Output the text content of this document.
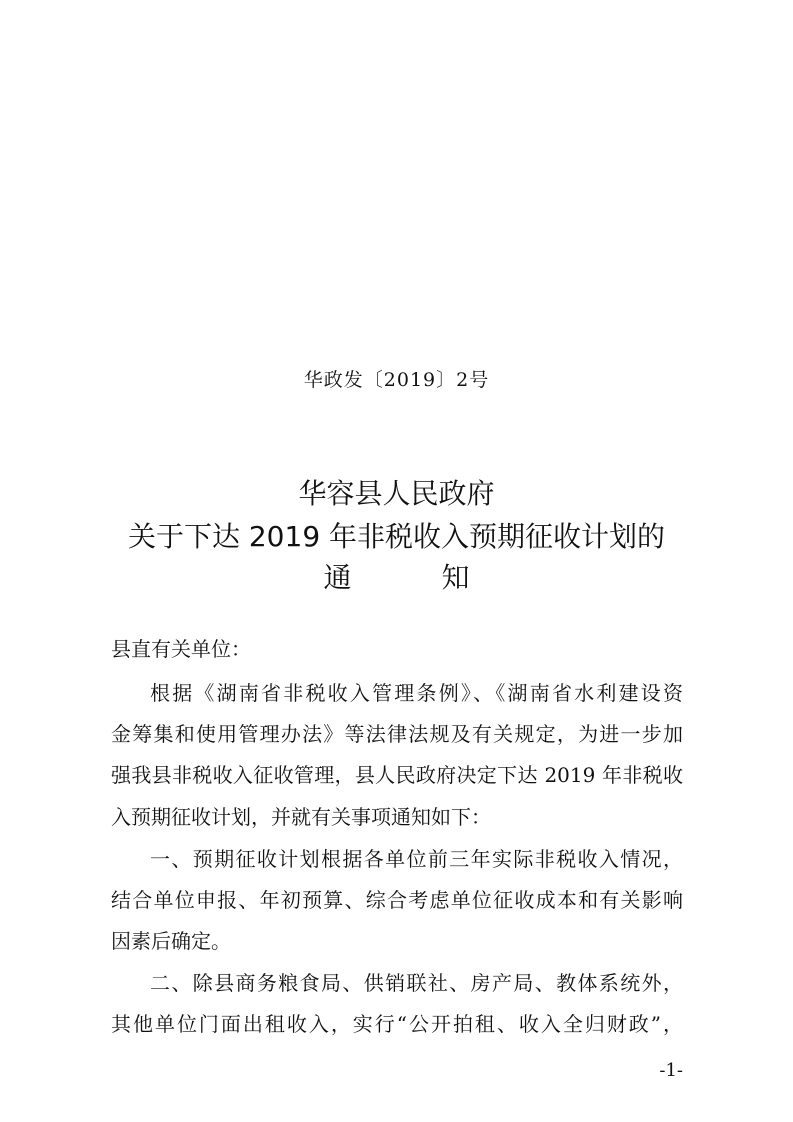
华政发〔2019〕2号
华容县人民政府
关于下达 2019 年非税收入预期征收计划的
通	知
县直有关单位：
根据《湖南省非税收入管理条例》、《湖南省水利建设资
金筹集和使用管理办法》等法律法规及有关规定，为进一步加
强我县非税收入征收管理，县人民政府决定下达 2019 年非税收
入预期征收计划，并就有关事项通知如下：
一、预期征收计划根据各单位前三年实际非税收入情况，
结合单位申报、年初预算、综合考虑单位征收成本和有关影响
因素后确定。
二、除县商务粮食局、供销联社、房产局、教体系统外，
其他单位门面出租收入，实行“公开拍租、收入全归财政”，
-1-
